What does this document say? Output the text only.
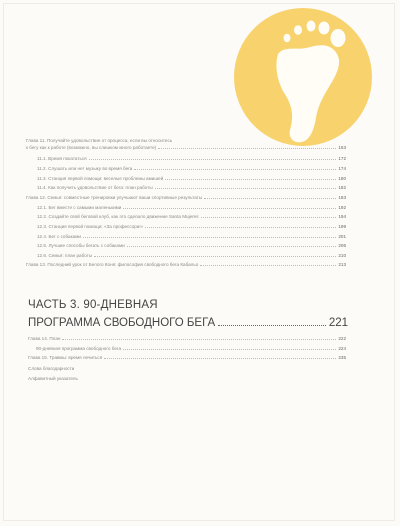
Глава 11. Получайте удовольствие от процесса, если вы относитесь
к бегу как к работе (возможно, вы слишком много работаете)	163
11.1. Время покататься	172
11.2. Слушать или нет музыку во время бега	174
11.3. Станция первой помощи: веселые проблемы амишей	180
11.4. Как получить удовольствие от бега: план работы	182
Глава 12. Семья: совместные тренировки улучшают ваши спортивные результаты	183
12.1. Бег вместе с самыми маленькими	192
12.2. Создайте свой беговой клуб, как это сделало движение Santa Mujeres	194
12.3. Станция первой помощи: «За профессора!»	199
12.4. Бег с собаками	201
12.5. Лучшие способы бегать с собаками	206
12.6. Семья: план работы	210
Глава 13. Последний урок от Белого Коня: философия свободного бега Кабальо	213
ЧАСТЬ 3. 90-ДНЕВНАЯ
ПРОГРАММА СВОБОДНОГО БЕГА	221
Глава 14. План	222
90-дневная программа свободного бега	224
Глава 15. Травмы: время лечиться	235
Слова благодарности
Алфавитный указатель
